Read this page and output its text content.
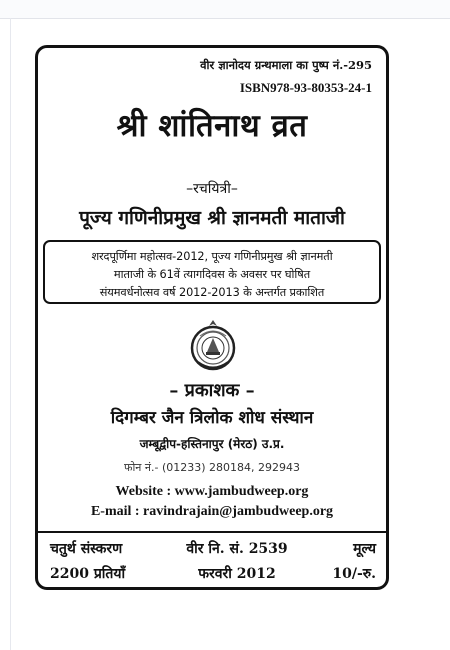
वीर ज्ञानोदय ग्रन्थमाला का पुष्प नं.-295
ISBN978-93-80353-24-1
श्री शांतिनाथ व्रत
–रचयित्री–
पूज्य गणिनीप्रमुख श्री ज्ञानमती माताजी
शरदपूर्णिमा महोत्सव-2012, पूज्य गणिनीप्रमुख श्री ज्ञानमती
माताजी के 61वें त्यागदिवस के अवसर पर घोषित
संयमवर्धनोत्सव वर्ष 2012-2013 के अन्तर्गत प्रकाशित
– प्रकाशक –
दिगम्बर जैन त्रिलोक शोध संस्थान
जम्बूद्वीप-हस्तिनापुर (मेरठ) उ.प्र.
फोन नं.- (01233) 280184, 292943
Website : www.jambudweep.org
E-mail : ravindrajain@jambudweep.org
चतुर्थ संस्करण	वीर नि. सं. 2539	मूल्य
2200 प्रतियाँ	फरवरी 2012	10/-रु.
